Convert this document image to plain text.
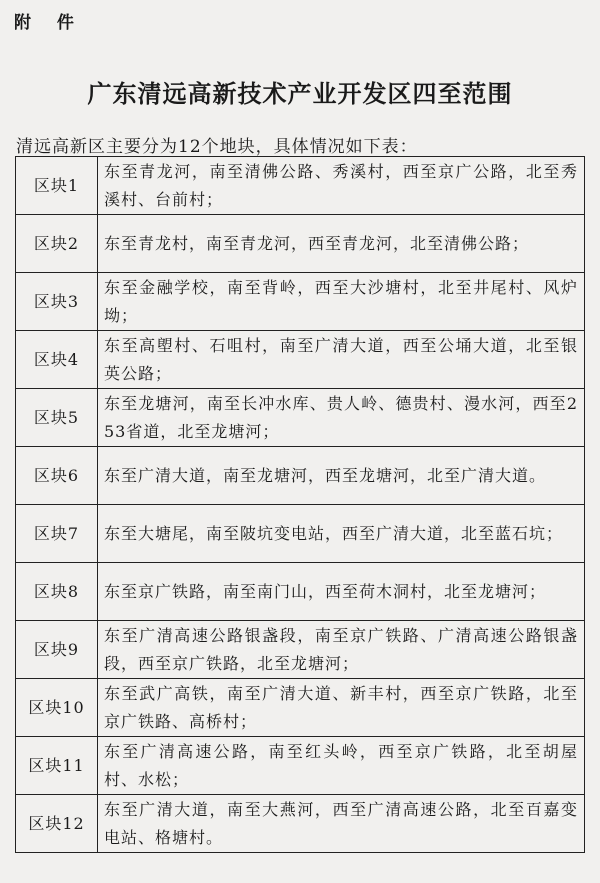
附 件
广东清远高新技术产业开发区四至范围
清远高新区主要分为12个地块，具体情况如下表：
区块1	东至青龙河，南至清佛公路、秀溪村，西至京广公路，北至秀溪村、台前村；
区块2	东至青龙村，南至青龙河，西至青龙河，北至清佛公路；
区块3	东至金融学校，南至背岭，西至大沙塘村，北至井尾村、风炉坳；
区块4	东至高塱村、石咀村，南至广清大道，西至公埇大道，北至银英公路；
区块5	东至龙塘河，南至长冲水库、贵人岭、德贵村、漫水河，西至253省道，北至龙塘河；
区块6	东至广清大道，南至龙塘河，西至龙塘河，北至广清大道。
区块7	东至大塘尾，南至陂坑变电站，西至广清大道，北至蓝石坑；
区块8	东至京广铁路，南至南门山，西至荷木洞村，北至龙塘河；
区块9	东至广清高速公路银盏段，南至京广铁路、广清高速公路银盏段，西至京广铁路，北至龙塘河；
区块10	东至武广高铁，南至广清大道、新丰村，西至京广铁路，北至京广铁路、高桥村；
区块11	东至广清高速公路，南至红头岭，西至京广铁路，北至胡屋村、水松；
区块12	东至广清大道，南至大燕河，西至广清高速公路，北至百嘉变电站、格塘村。
